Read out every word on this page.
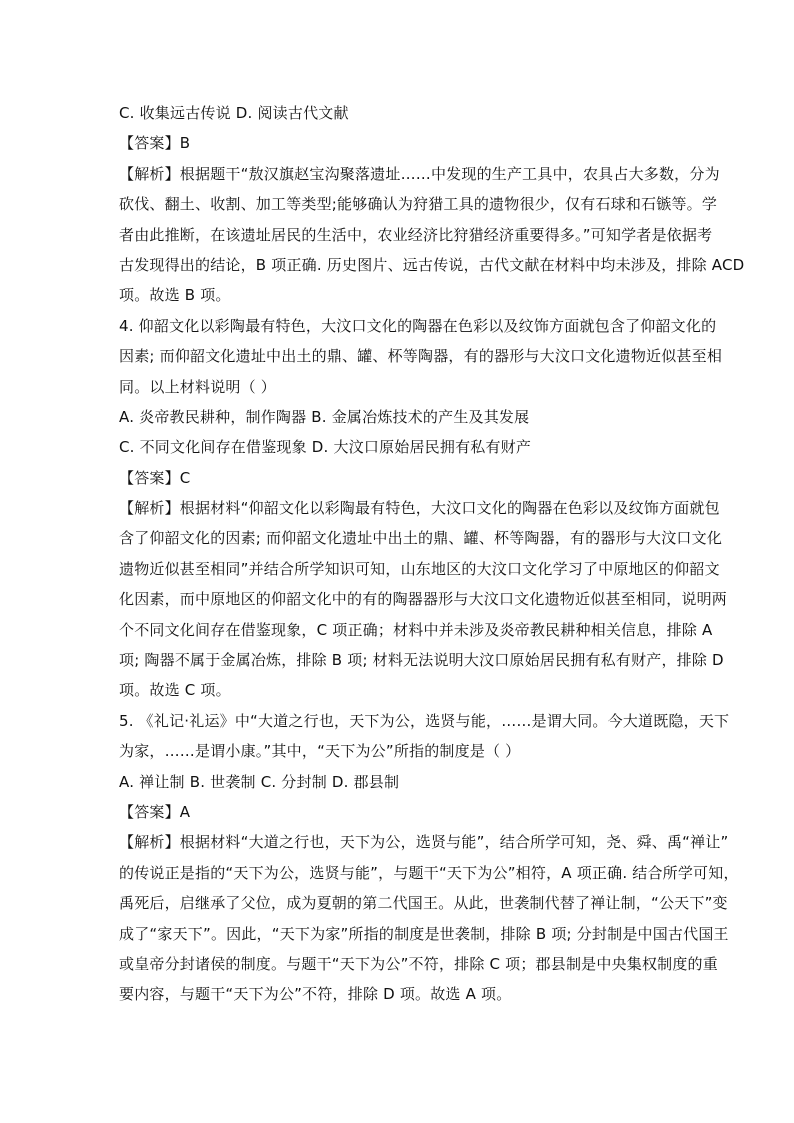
C. 收集远古传说 D. 阅读古代文献
【答案】B
【解析】根据题干“敖汉旗赵宝沟聚落遗址……中发现的生产工具中，农具占大多数，分为
砍伐、翻土、收割、加工等类型;能够确认为狩猎工具的遗物很少，仅有石球和石镞等。学
者由此推断，在该遗址居民的生活中，农业经济比狩猎经济重要得多。”可知学者是依据考
古发现得出的结论，B 项正确. 历史图片、远古传说，古代文献在材料中均未涉及，排除 ACD
项。故选 B 项。
4. 仰韶文化以彩陶最有特色，大汶口文化的陶器在色彩以及纹饰方面就包含了仰韶文化的
因素; 而仰韶文化遗址中出土的鼎、罐、杯等陶器，有的器形与大汶口文化遗物近似甚至相
同。以上材料说明（ ）
A. 炎帝教民耕种，制作陶器 B. 金属冶炼技术的产生及其发展
C. 不同文化间存在借鉴现象 D. 大汶口原始居民拥有私有财产
【答案】C
【解析】根据材料“仰韶文化以彩陶最有特色，大汶口文化的陶器在色彩以及纹饰方面就包
含了仰韶文化的因素; 而仰韶文化遗址中出土的鼎、罐、杯等陶器，有的器形与大汶口文化
遗物近似甚至相同”并结合所学知识可知，山东地区的大汶口文化学习了中原地区的仰韶文
化因素，而中原地区的仰韶文化中的有的陶器器形与大汶口文化遗物近似甚至相同，说明两
个不同文化间存在借鉴现象，C 项正确；材料中并未涉及炎帝教民耕种相关信息，排除 A
项; 陶器不属于金属冶炼，排除 B 项; 材料无法说明大汶口原始居民拥有私有财产，排除 D
项。故选 C 项。
5. 《礼记·礼运》中“大道之行也，天下为公，选贤与能，……是谓大同。今大道既隐，天下
为家，……是谓小康。”其中，“天下为公”所指的制度是（ ）
A. 禅让制 B. 世袭制 C. 分封制 D. 郡县制
【答案】A
【解析】根据材料“大道之行也，天下为公，选贤与能”，结合所学可知，尧、舜、禹“禅让”
的传说正是指的“天下为公，选贤与能”，与题干“天下为公”相符，A 项正确. 结合所学可知，
禹死后，启继承了父位，成为夏朝的第二代国王。从此，世袭制代替了禅让制，“公天下”变
成了“家天下”。因此，“天下为家”所指的制度是世袭制，排除 B 项; 分封制是中国古代国王
或皇帝分封诸侯的制度。与题干“天下为公”不符，排除 C 项；郡县制是中央集权制度的重
要内容，与题干“天下为公”不符，排除 D 项。故选 A 项。
